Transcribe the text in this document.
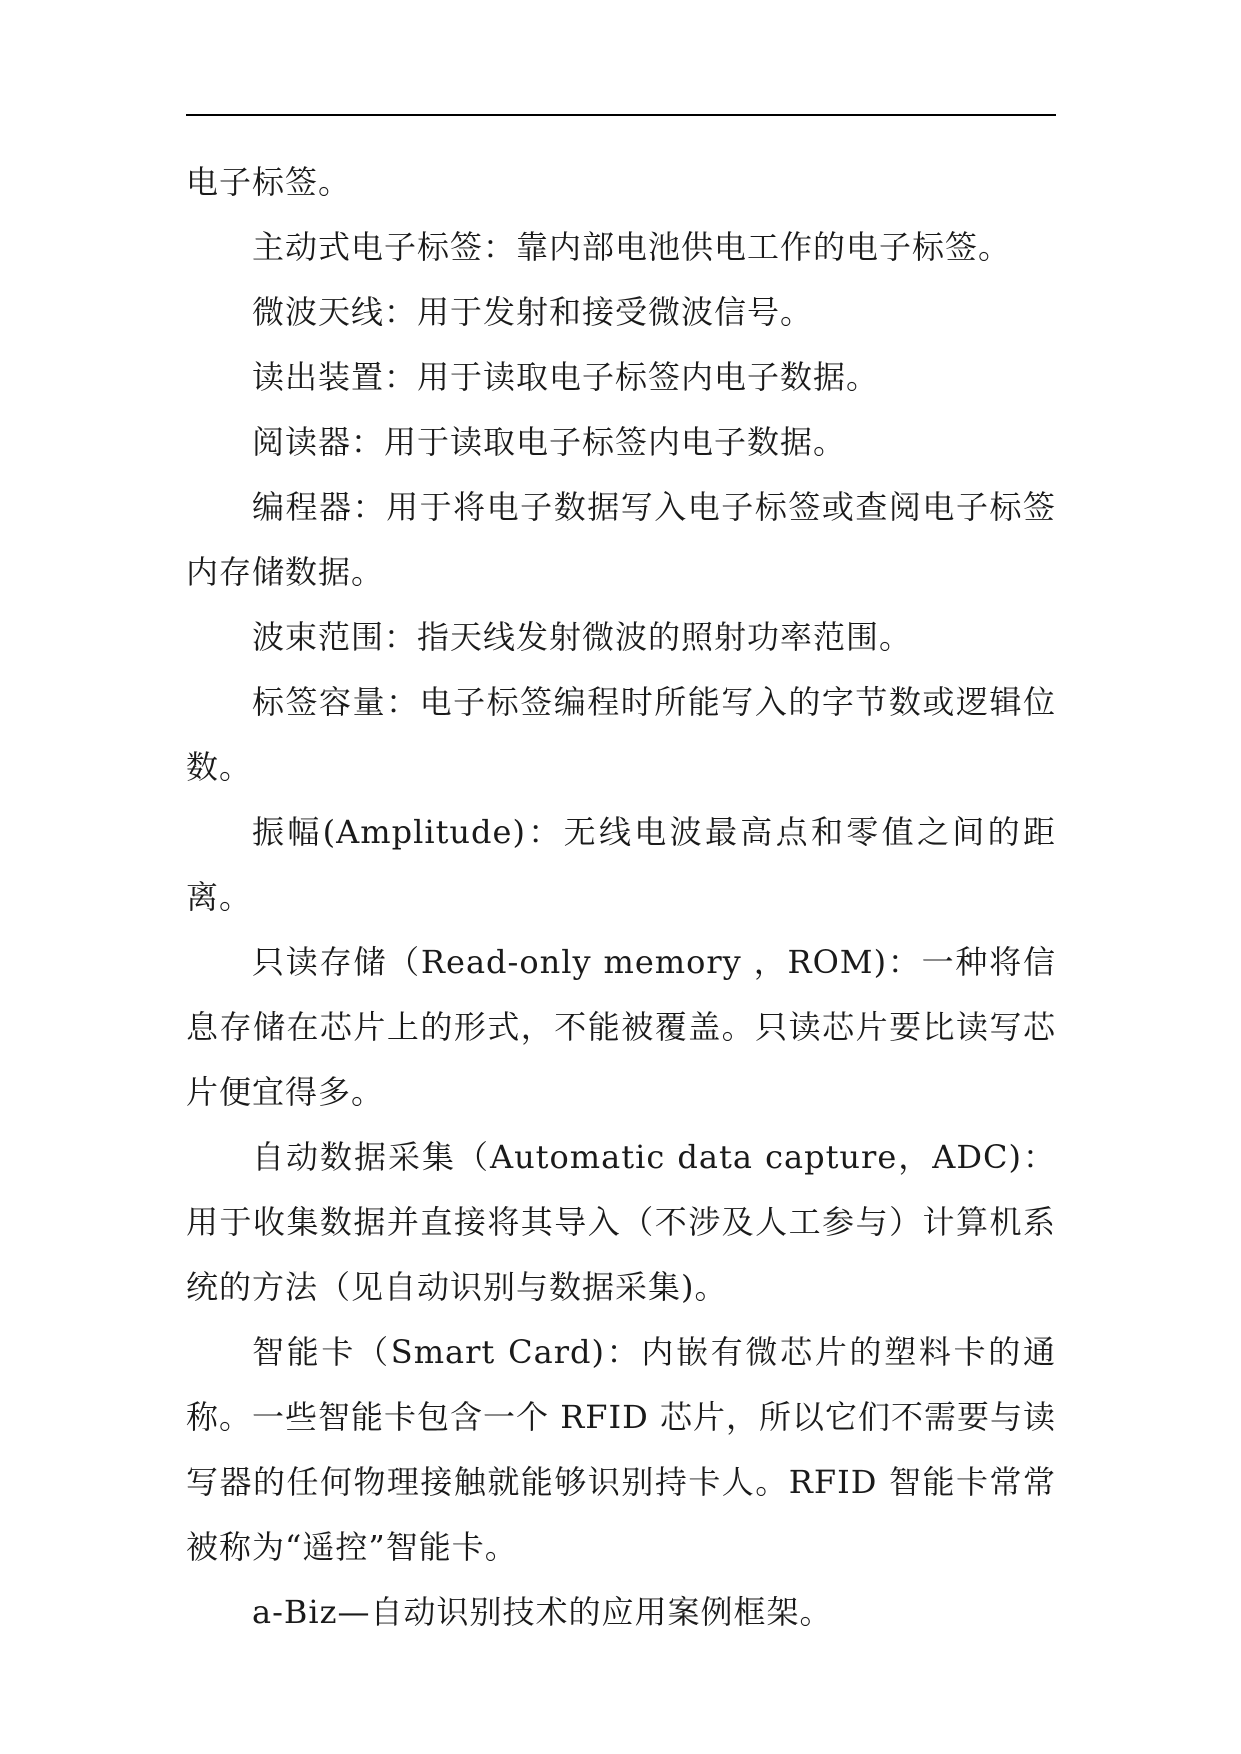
电子标签。

主动式电子标签：靠内部电池供电工作的电子标签。

微波天线：用于发射和接受微波信号。

读出装置：用于读取电子标签内电子数据。

阅读器：用于读取电子标签内电子数据。

编程器：用于将电子数据写入电子标签或查阅电子标签内存储数据。

波束范围：指天线发射微波的照射功率范围。

标签容量：电子标签编程时所能写入的字节数或逻辑位数。

振幅(Amplitude)：无线电波最高点和零值之间的距离。

只读存储（Read-only memory ，ROM)：一种将信息存储在芯片上的形式，不能被覆盖。只读芯片要比读写芯片便宜得多。

自动数据采集（Automatic data capture，ADC)：用于收集数据并直接将其导入（不涉及人工参与）计算机系统的方法（见自动识别与数据采集)。

智能卡（Smart Card)：内嵌有微芯片的塑料卡的通称。一些智能卡包含一个 RFID 芯片，所以它们不需要与读写器的任何物理接触就能够识别持卡人。RFID 智能卡常常被称为“遥控”智能卡。

a-Biz—自动识别技术的应用案例框架。
